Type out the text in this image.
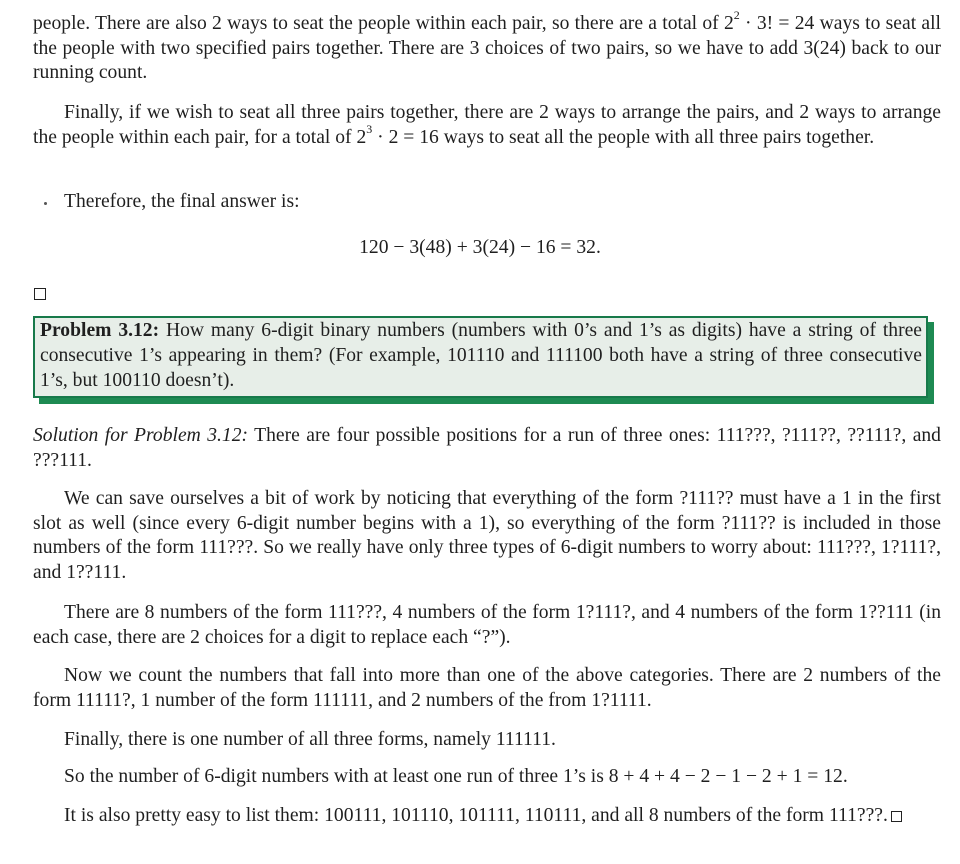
people. There are also 2 ways to seat the people within each pair, so there are a total of $2^2 \cdot 3$! = 24 ways to seat all the people with two specified pairs together. There are 3 choices of two pairs, so we have to add 3(24) back to our running count.

Finally, if we wish to seat all three pairs together, there are 2 ways to arrange the pairs, and 2 ways to arrange the people within each pair, for a total of $2^3 \cdot 2 = 16$ ways to seat all the people with all three pairs together.

Therefore, the final answer is:

120 − 3(48) + 3(24) − 16 = 32.

Problem 3.12: How many 6-digit binary numbers (numbers with 0’s and 1’s as digits) have a string of three consecutive 1’s appearing in them? (For example, 101110 and 111100 both have a string of three consecutive 1’s, but 100110 doesn’t).

Solution for Problem 3.12: There are four possible positions for a run of three ones: 111???, ?111??, ??111?, and ???111.

We can save ourselves a bit of work by noticing that everything of the form ?111?? must have a 1 in the first slot as well (since every 6-digit number begins with a 1), so everything of the form ?111?? is included in those numbers of the form 111???. So we really have only three types of 6-digit numbers to worry about: 111???, 1?111?, and 1??111.

There are 8 numbers of the form 111???, 4 numbers of the form 1?111?, and 4 numbers of the form 1??111 (in each case, there are 2 choices for a digit to replace each “?”).

Now we count the numbers that fall into more than one of the above categories. There are 2 numbers of the form 11111?, 1 number of the form 111111, and 2 numbers of the from 1?1111.

Finally, there is one number of all three forms, namely 111111.

So the number of 6-digit numbers with at least one run of three 1’s is 8 + 4 + 4 − 2 − 1 − 2 + 1 = 12.

It is also pretty easy to list them: 100111, 101110, 101111, 110111, and all 8 numbers of the form 111???.
